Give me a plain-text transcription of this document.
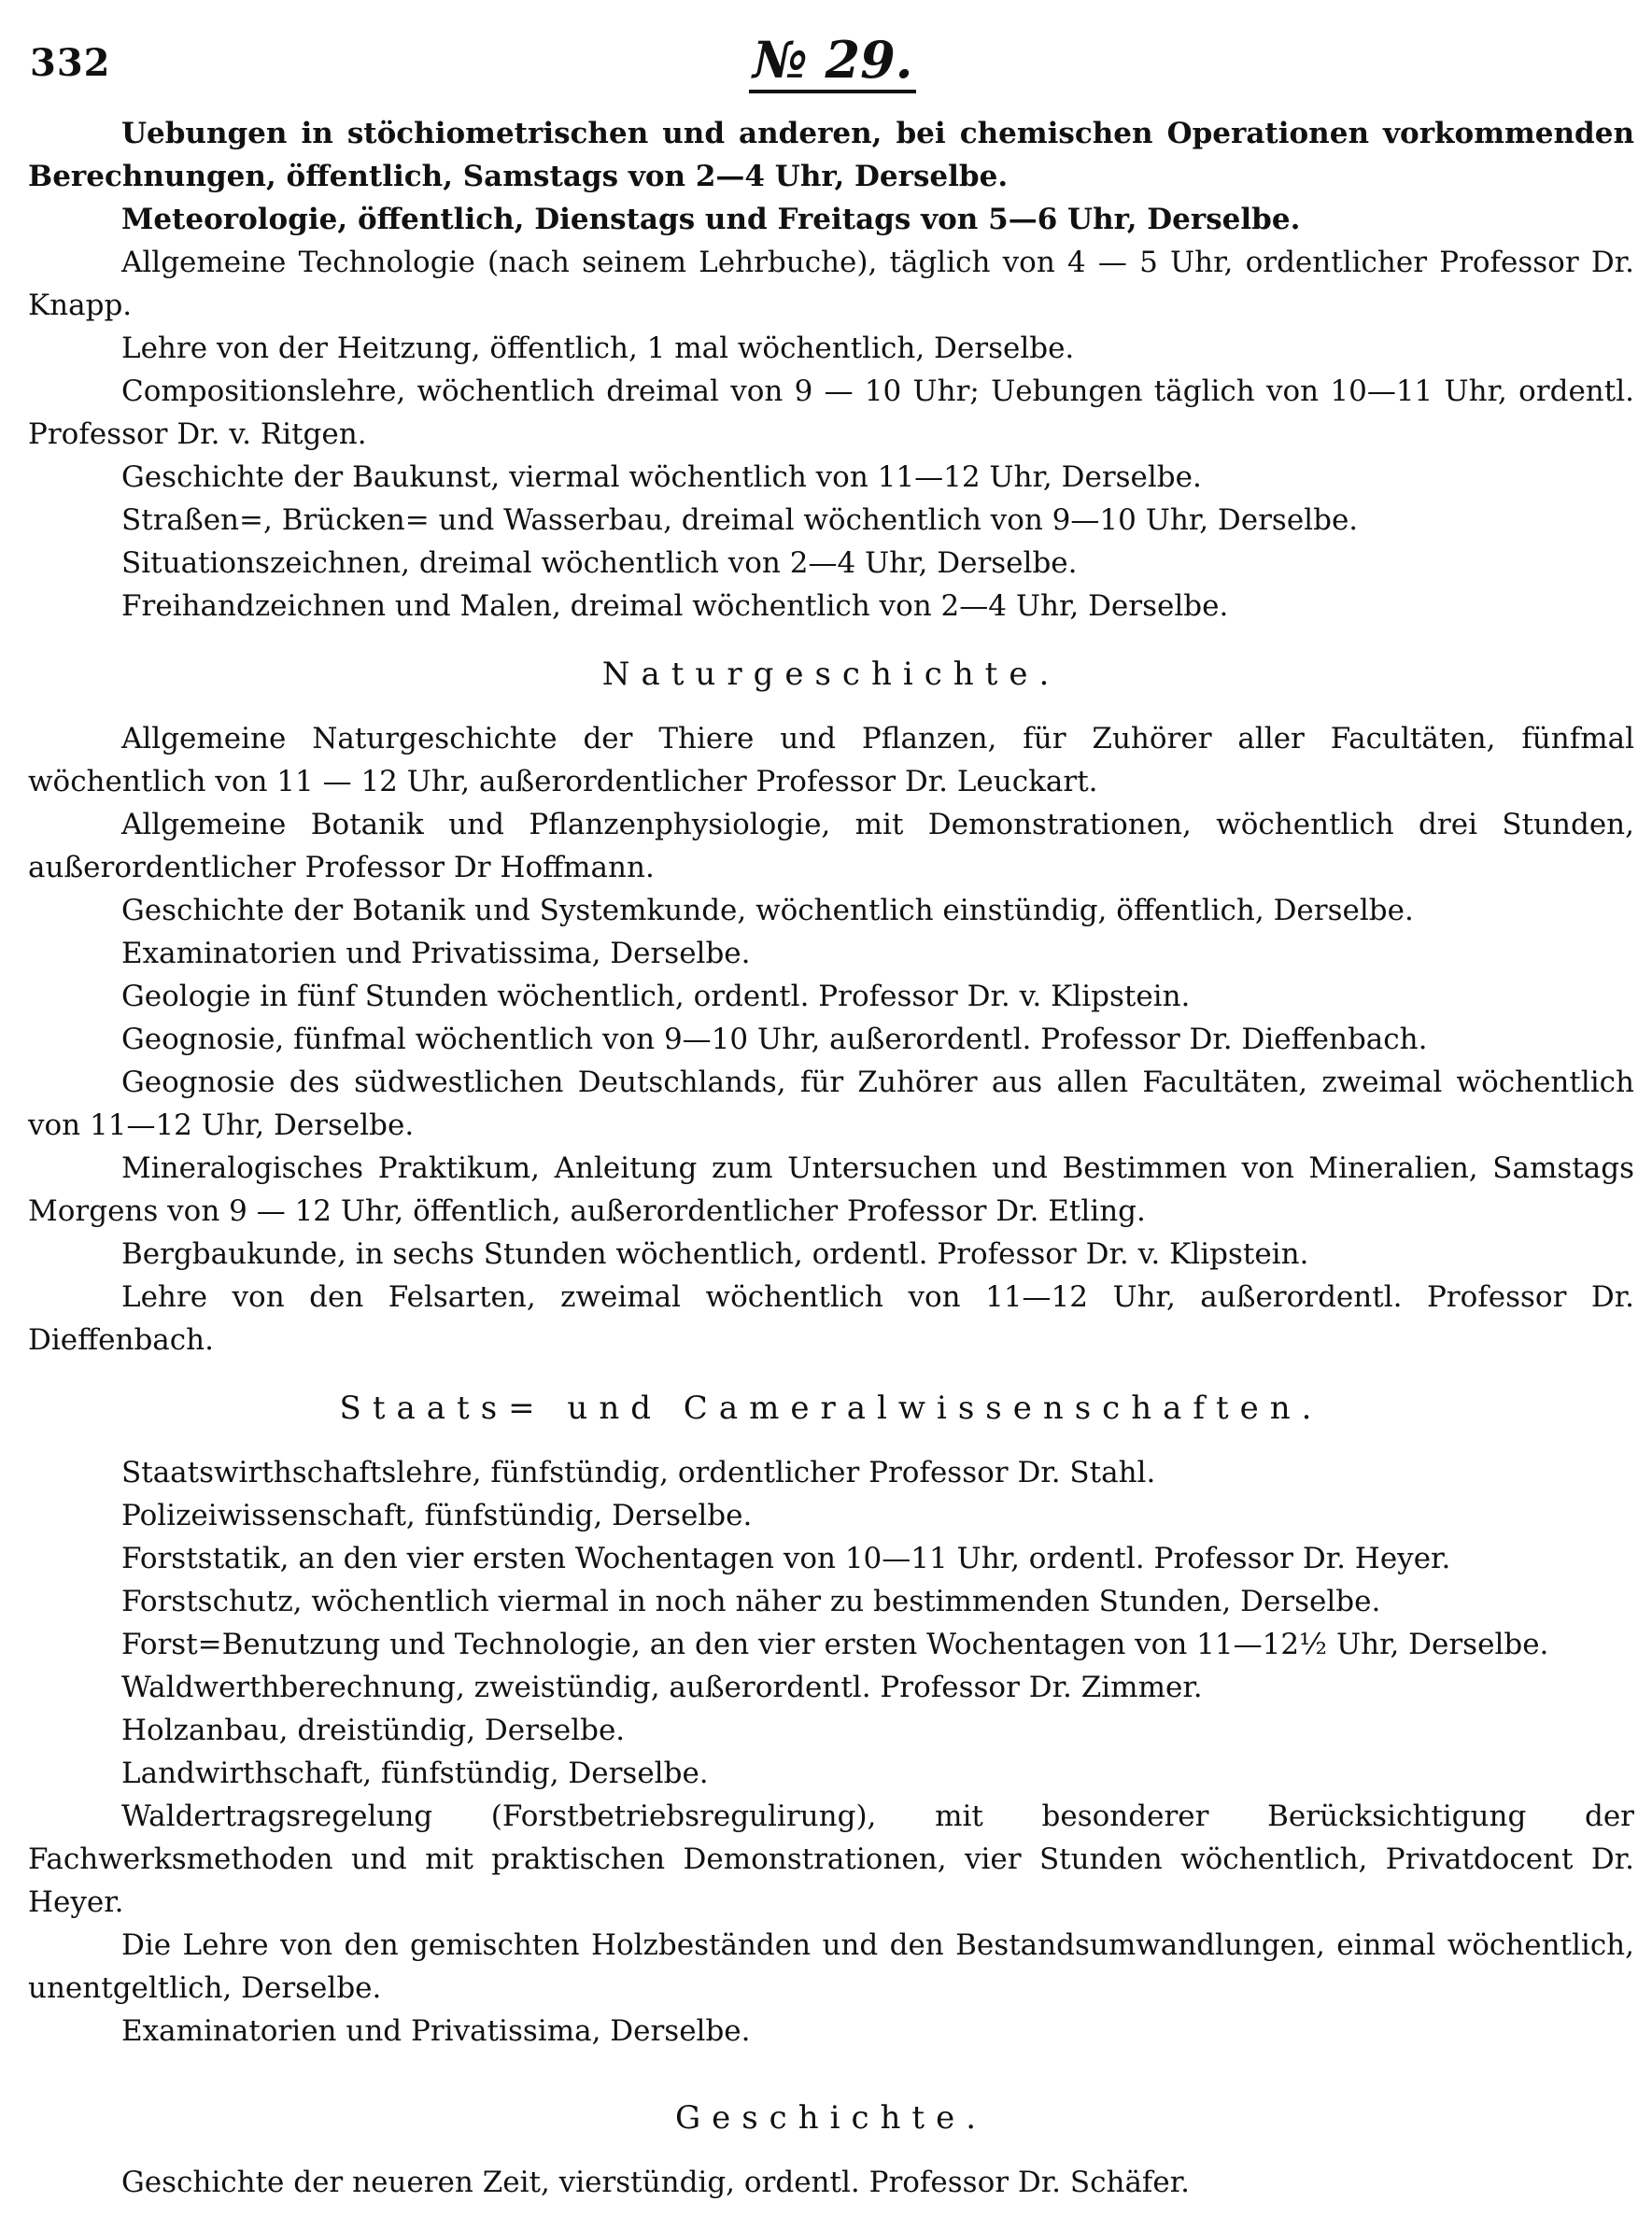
332	№ 29.

Uebungen in stöchiometrischen und anderen, bei chemischen Operationen vorkommenden Berechnungen, öffentlich, Samstags von 2—4 Uhr, Derselbe.

Meteorologie, öffentlich, Dienstags und Freitags von 5—6 Uhr, Derselbe.

Allgemeine Technologie (nach seinem Lehrbuche), täglich von 4 — 5 Uhr, ordentlicher Professor Dr. Knapp.

Lehre von der Heitzung, öffentlich, 1 mal wöchentlich, Derselbe.

Compositionslehre, wöchentlich dreimal von 9 — 10 Uhr; Uebungen täglich von 10—11 Uhr, ordentl. Professor Dr. v. Ritgen.

Geschichte der Baukunst, viermal wöchentlich von 11—12 Uhr, Derselbe.

Straßen=, Brücken= und Wasserbau, dreimal wöchentlich von 9—10 Uhr, Derselbe.

Situationszeichnen, dreimal wöchentlich von 2—4 Uhr, Derselbe.

Freihandzeichnen und Malen, dreimal wöchentlich von 2—4 Uhr, Derselbe.

Naturgeschichte.

Allgemeine Naturgeschichte der Thiere und Pflanzen, für Zuhörer aller Facultäten, fünfmal wöchentlich von 11 — 12 Uhr, außerordentlicher Professor Dr. Leuckart.

Allgemeine Botanik und Pflanzenphysiologie, mit Demonstrationen, wöchentlich drei Stunden, außerordentlicher Professor Dr Hoffmann.

Geschichte der Botanik und Systemkunde, wöchentlich einstündig, öffentlich, Derselbe.

Examinatorien und Privatissima, Derselbe.

Geologie in fünf Stunden wöchentlich, ordentl. Professor Dr. v. Klipstein.

Geognosie, fünfmal wöchentlich von 9—10 Uhr, außerordentl. Professor Dr. Dieffenbach.

Geognosie des südwestlichen Deutschlands, für Zuhörer aus allen Facultäten, zweimal wöchentlich von 11—12 Uhr, Derselbe.

Mineralogisches Praktikum, Anleitung zum Untersuchen und Bestimmen von Mineralien, Samstags Morgens von 9 — 12 Uhr, öffentlich, außerordentlicher Professor Dr. Etling.

Bergbaukunde, in sechs Stunden wöchentlich, ordentl. Professor Dr. v. Klipstein.

Lehre von den Felsarten, zweimal wöchentlich von 11—12 Uhr, außerordentl. Professor Dr. Dieffenbach.

Staats= und Cameralwissenschaften.

Staatswirthschaftslehre, fünfstündig, ordentlicher Professor Dr. Stahl.

Polizeiwissenschaft, fünfstündig, Derselbe.

Forststatik, an den vier ersten Wochentagen von 10—11 Uhr, ordentl. Professor Dr. Heyer.

Forstschutz, wöchentlich viermal in noch näher zu bestimmenden Stunden, Derselbe.

Forst=Benutzung und Technologie, an den vier ersten Wochentagen von 11—12½ Uhr, Derselbe.

Waldwerthberechnung, zweistündig, außerordentl. Professor Dr. Zimmer.

Holzanbau, dreistündig, Derselbe.

Landwirthschaft, fünfstündig, Derselbe.

Waldertragsregelung (Forstbetriebsregulirung), mit besonderer Berücksichtigung der Fachwerksmethoden und mit praktischen Demonstrationen, vier Stunden wöchentlich, Privatdocent Dr. Heyer.

Die Lehre von den gemischten Holzbeständen und den Bestandsumwandlungen, einmal wöchentlich, unentgeltlich, Derselbe.

Examinatorien und Privatissima, Derselbe.

Geschichte.

Geschichte der neueren Zeit, vierstündig, ordentl. Professor Dr. Schäfer.
